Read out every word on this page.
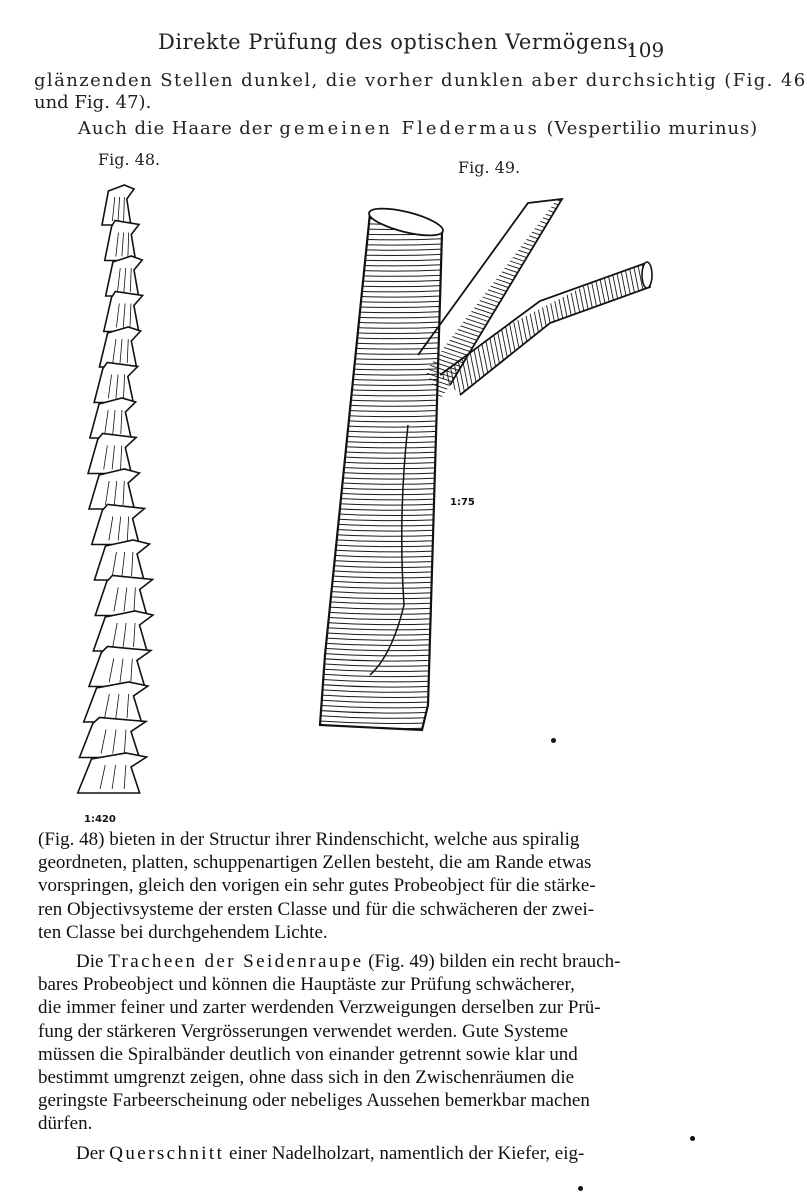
Direkte Prüfung des optischen Vermögens.
109
glänzenden Stellen dunkel, die vorher dunklen aber durchsichtig (Fig. 46
und Fig. 47).
Auch die Haare der gemeinen Fledermaus (Vespertilio murinus)
Fig. 48.	Fig. 49.
1:420
1:75

(Fig. 48) bieten in der Structur ihrer Rindenschicht, welche aus spiralig

geordneten, platten, schuppenartigen Zellen besteht, die am Rande etwas

vorspringen, gleich den vorigen ein sehr gutes Probeobject für die stärke-

ren Objectivsysteme der ersten Classe und für die schwächeren der zwei-

ten Classe bei durchgehendem Lichte.

Die Tracheen der Seidenraupe (Fig. 49) bilden ein recht brauch-

bares Probeobject und können die Hauptäste zur Prüfung schwächerer,

die immer feiner und zarter werdenden Verzweigungen derselben zur Prü-

fung der stärkeren Vergrösserungen verwendet werden. Gute Systeme

müssen die Spiralbänder deutlich von einander getrennt sowie klar und

bestimmt umgrenzt zeigen, ohne dass sich in den Zwischenräumen die

geringste Farbeerscheinung oder nebeliges Aussehen bemerkbar machen

dürfen.

Der Querschnitt einer Nadelholzart, namentlich der Kiefer, eig-
